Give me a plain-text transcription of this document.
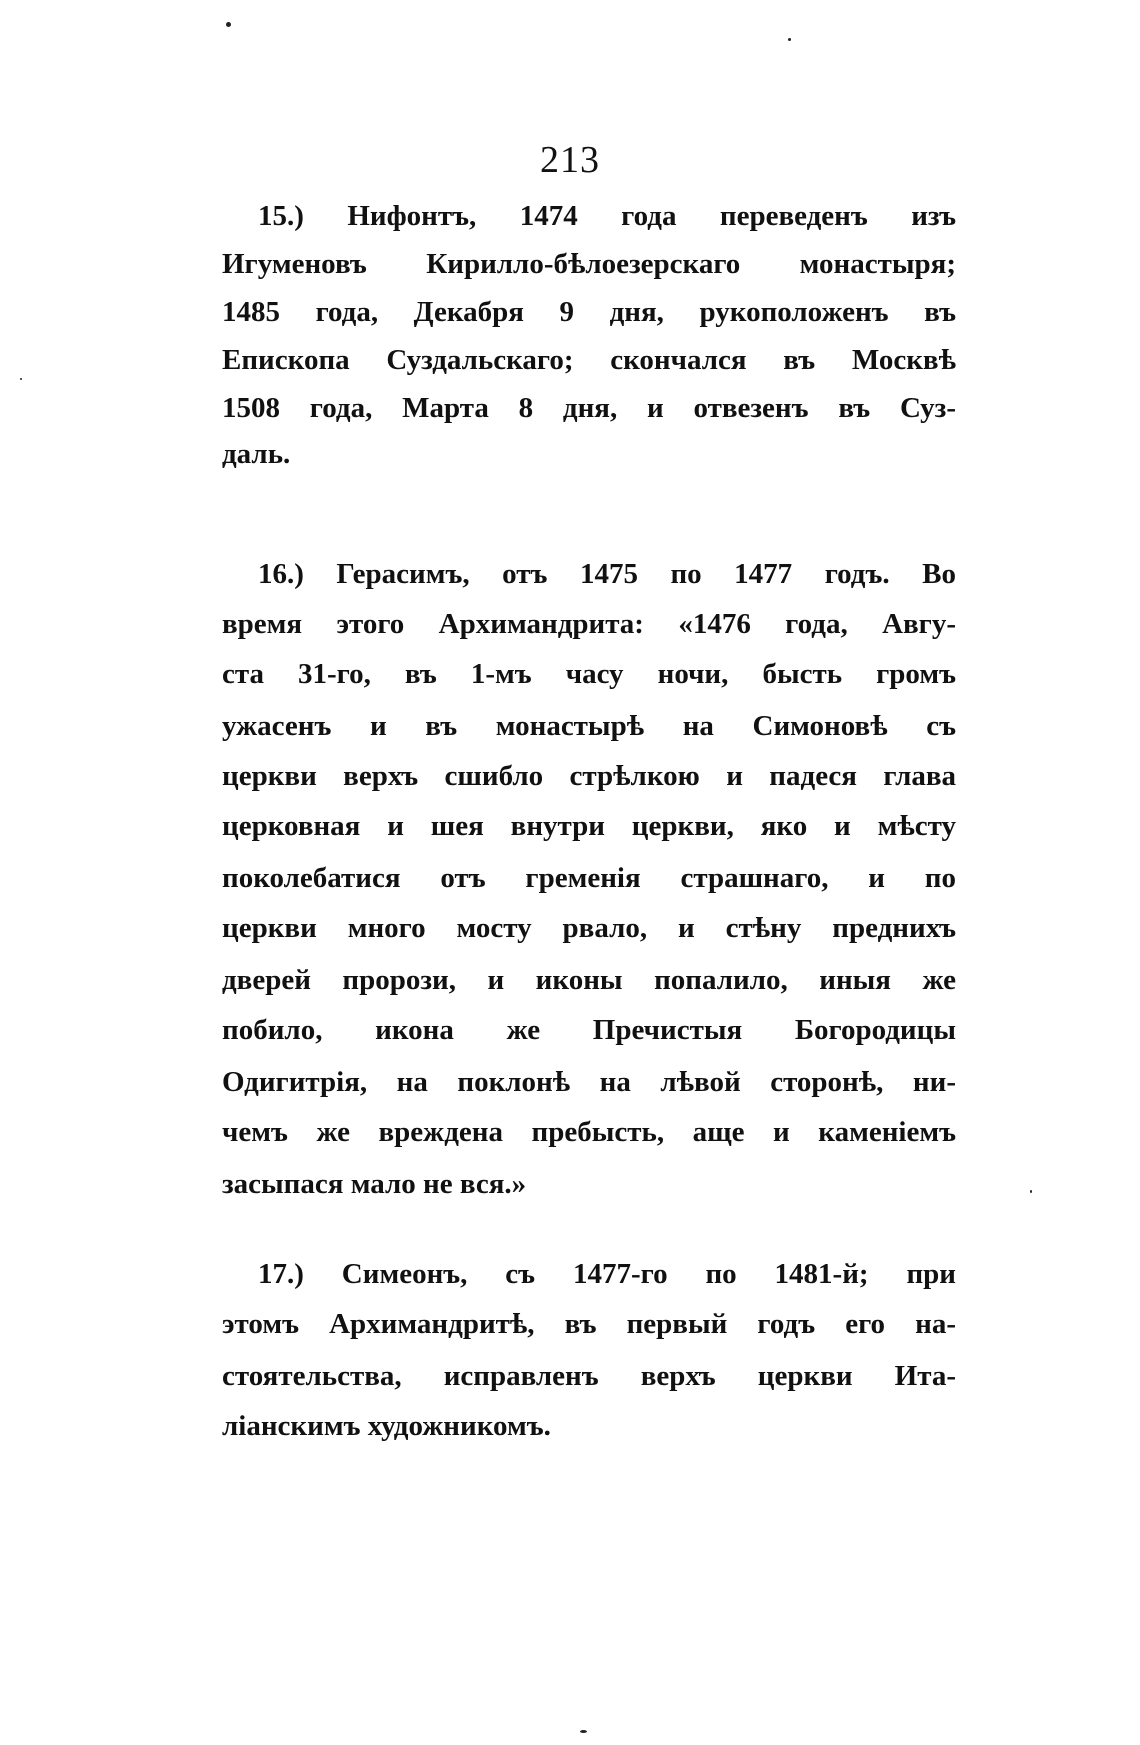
213
15.) Нифонтъ, 1474 года переведенъ изъ
Игуменовъ Кирилло-бѣлоезерскаго монастыря;
1485 года, Декабря 9 дня, рукоположенъ въ
Епископа Суздальскаго; скончался въ Москвѣ
1508 года, Марта 8 дня, и отвезенъ въ Суз-
даль.
16.) Герасимъ, отъ 1475 по 1477 годъ. Во
время этого Архимандрита: «1476 года, Авгу-
ста 31-го, въ 1-мъ часу ночи, бысть громъ
ужасенъ и въ монастырѣ на Симоновѣ съ
церкви верхъ сшибло стрѣлкою и падеся глава
церковная и шея внутри церкви, яко и мѣсту
поколебатися отъ гременія страшнаго, и по
церкви много мосту рвало, и стѣну преднихъ
дверей прорози, и иконы попалило, иныя же
побило, икона же Пречистыя Богородицы
Одигитрія, на поклонѣ на лѣвой сторонѣ, ни-
чемъ же вреждена пребысть, аще и каменіемъ
засыпася мало не вся.»
17.) Симеонъ, съ 1477-го по 1481-й; при
этомъ Архимандритѣ, въ первый годъ его на-
стоятельства, исправленъ верхъ церкви Ита-
ліанскимъ художникомъ.
